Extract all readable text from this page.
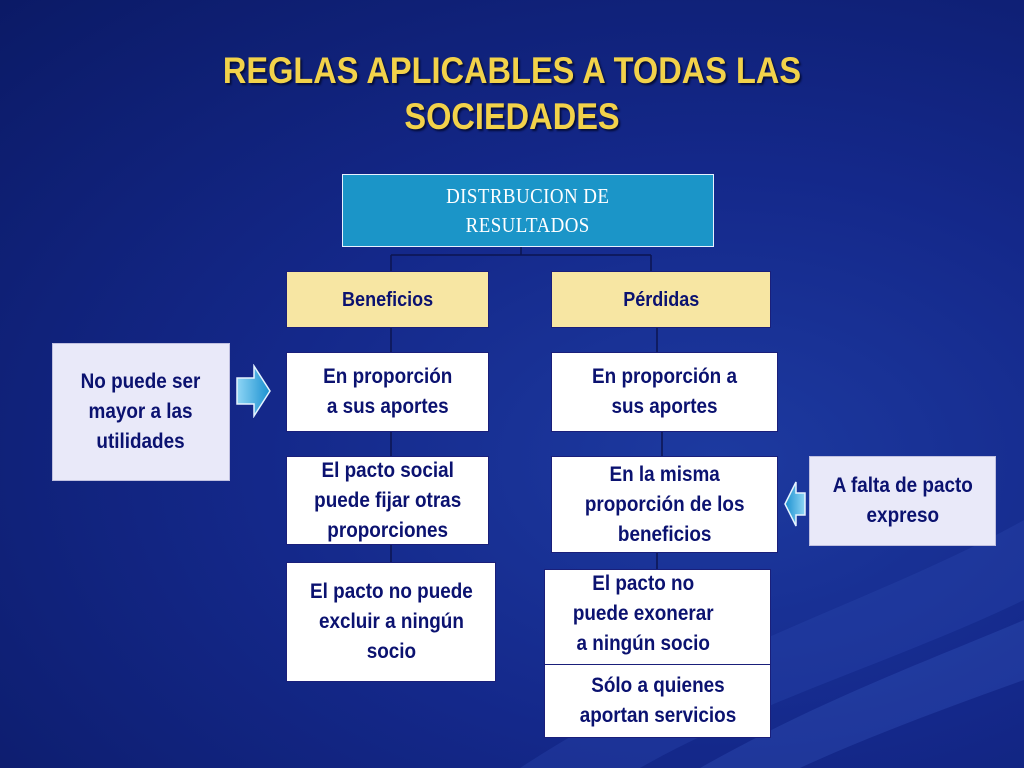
REGLAS APLICABLES A TODAS LAS
SOCIEDADES
DISTRBUCION DE
RESULTADOS
Beneficios	Pérdidas
En proporción
a sus aportes
El pacto social
puede fijar otras
proporciones
El pacto no puede
excluir a ningún
socio
En proporción a
sus aportes
En la misma
proporción de los
beneficios
El pacto no
puede exonerar
a ningún socio
Sólo a quienes
aportan servicios
No puede ser
mayor a las
utilidades
A falta de pacto
expreso
